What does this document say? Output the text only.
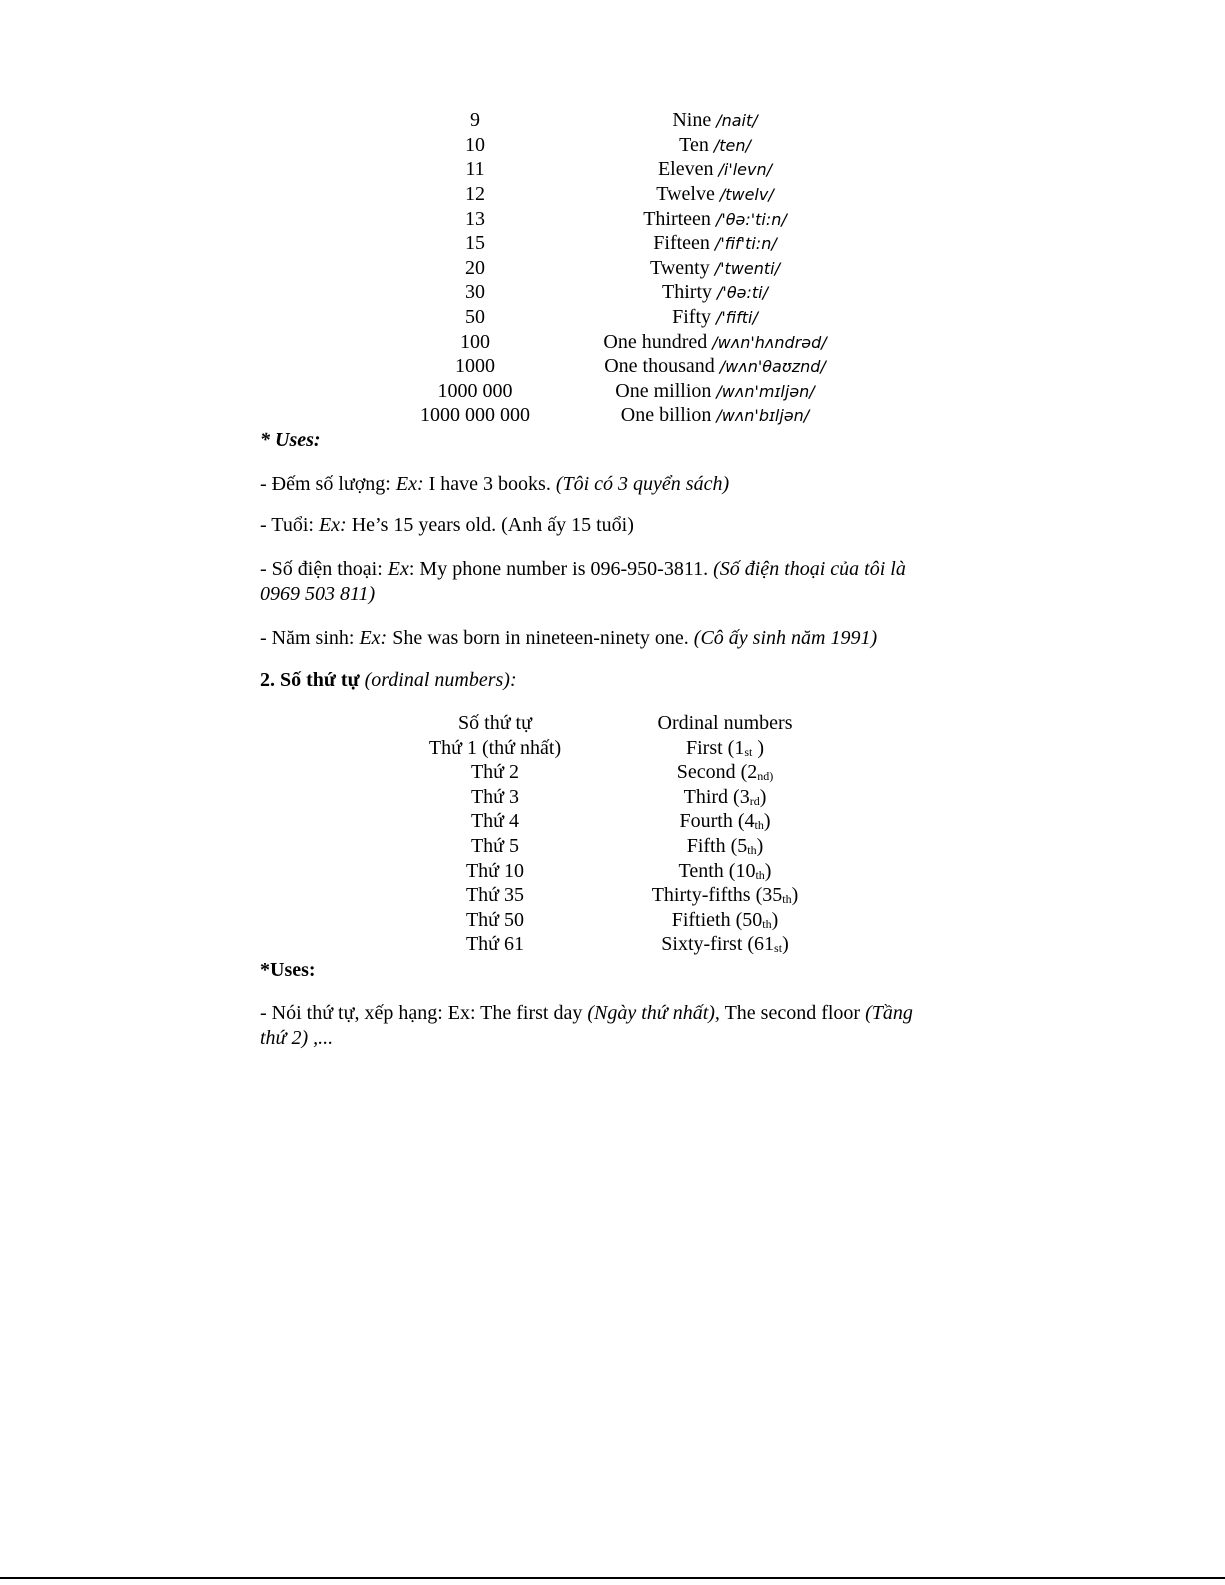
9	Nine /nait/
10	Ten /ten/
11	Eleven /i'levn/
12	Twelve /twelv/
13	Thirteen /'θə:'ti:n/
15	Fifteen /'fif'ti:n/
20	Twenty /'twenti/
30	Thirty /'θə:ti/
50	Fifty /'fifti/
100	One hundred /wʌn'hʌndrəd/
1000	One thousand /wʌn'θaʊznd/
1000 000	One million /wʌn'mɪljən/
1000 000 000	One billion /wʌn'bɪljən/
* Uses:
- Đếm số lượng: Ex: I have 3 books. (Tôi có 3 quyển sách)
- Tuổi: Ex: He’s 15 years old. (Anh ấy 15 tuổi)
- Số điện thoại: Ex: My phone number is 096-950-3811. (Số điện thoại của tôi là
0969 503 811)
- Năm sinh: Ex: She was born in nineteen-ninety one. (Cô ấy sinh năm 1991)
2. Số thứ tự (ordinal numbers):
Số thứ tự	Ordinal numbers
Thứ 1 (thứ nhất)	First (1st )
Thứ 2	Second (2nd)
Thứ 3	Third (3rd)
Thứ 4	Fourth (4th)
Thứ 5	Fifth (5th)
Thứ 10	Tenth (10th)
Thứ 35	Thirty-fifths (35th)
Thứ 50	Fiftieth (50th)
Thứ 61	Sixty-first (61st)
*Uses:
- Nói thứ tự, xếp hạng: Ex: The first day (Ngày thứ nhất), The second floor (Tầng
thứ 2) ,...
